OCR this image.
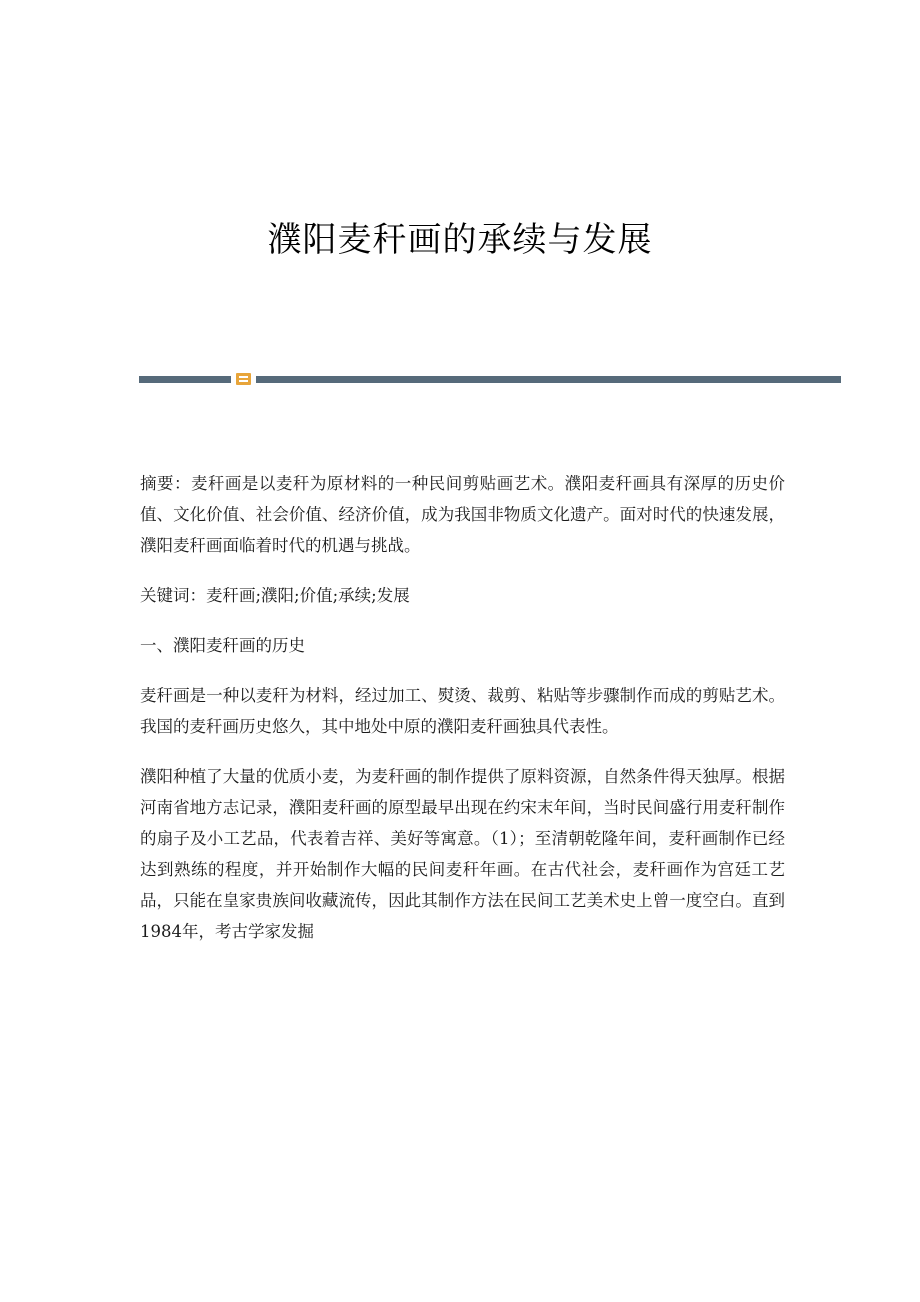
濮阳麦秆画的承续与发展

摘要：麦秆画是以麦秆为原材料的一种民间剪贴画艺术。濮阳麦秆画具有深厚的历史价值、文化价值、社会价值、经济价值，成为我国非物质文化遗产。面对时代的快速发展，濮阳麦秆画面临着时代的机遇与挑战。

关键词：麦秆画;濮阳;价值;承续;发展

一、濮阳麦秆画的历史

麦秆画是一种以麦秆为材料，经过加工、熨烫、裁剪、粘贴等步骤制作而成的剪贴艺术。我国的麦秆画历史悠久，其中地处中原的濮阳麦秆画独具代表性。

濮阳种植了大量的优质小麦，为麦秆画的制作提供了原料资源，自然条件得天独厚。根据河南省地方志记录，濮阳麦秆画的原型最早出现在约宋末年间，当时民间盛行用麦秆制作的扇子及小工艺品，代表着吉祥、美好等寓意。（1）；至清朝乾隆年间，麦秆画制作已经达到熟练的程度，并开始制作大幅的民间麦秆年画。在古代社会，麦秆画作为宫廷工艺品，只能在皇家贵族间收藏流传，因此其制作方法在民间工艺美术史上曾一度空白。直到1984年，考古学家发掘
